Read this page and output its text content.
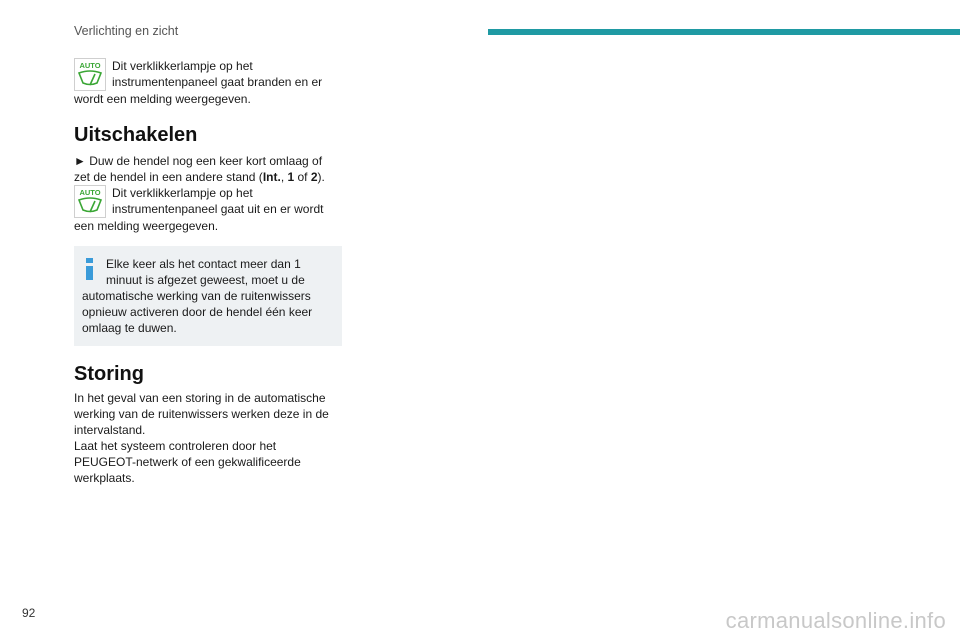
Verlichting en zicht
AUTO Dit verklikkerlampje op het

instrumentenpaneel gaat branden en er

wordt een melding weergegeven.

Uitschakelen

► Duw de hendel nog een keer kort omlaag of

zet de hendel in een andere stand (Int., 1 of 2).

AUTO Dit verklikkerlampje op het

instrumentenpaneel gaat uit en er wordt

een melding weergegeven.

Elke keer als het contact meer dan 1

minuut is afgezet geweest, moet u de

automatische werking van de ruitenwissers

opnieuw activeren door de hendel één keer

omlaag te duwen.

Storing

In het geval van een storing in de automatische

werking van de ruitenwissers werken deze in de

intervalstand.

Laat het systeem controleren door het

PEUGEOT-netwerk of een gekwalificeerde

werkplaats.

92	carmanualsonline.info
